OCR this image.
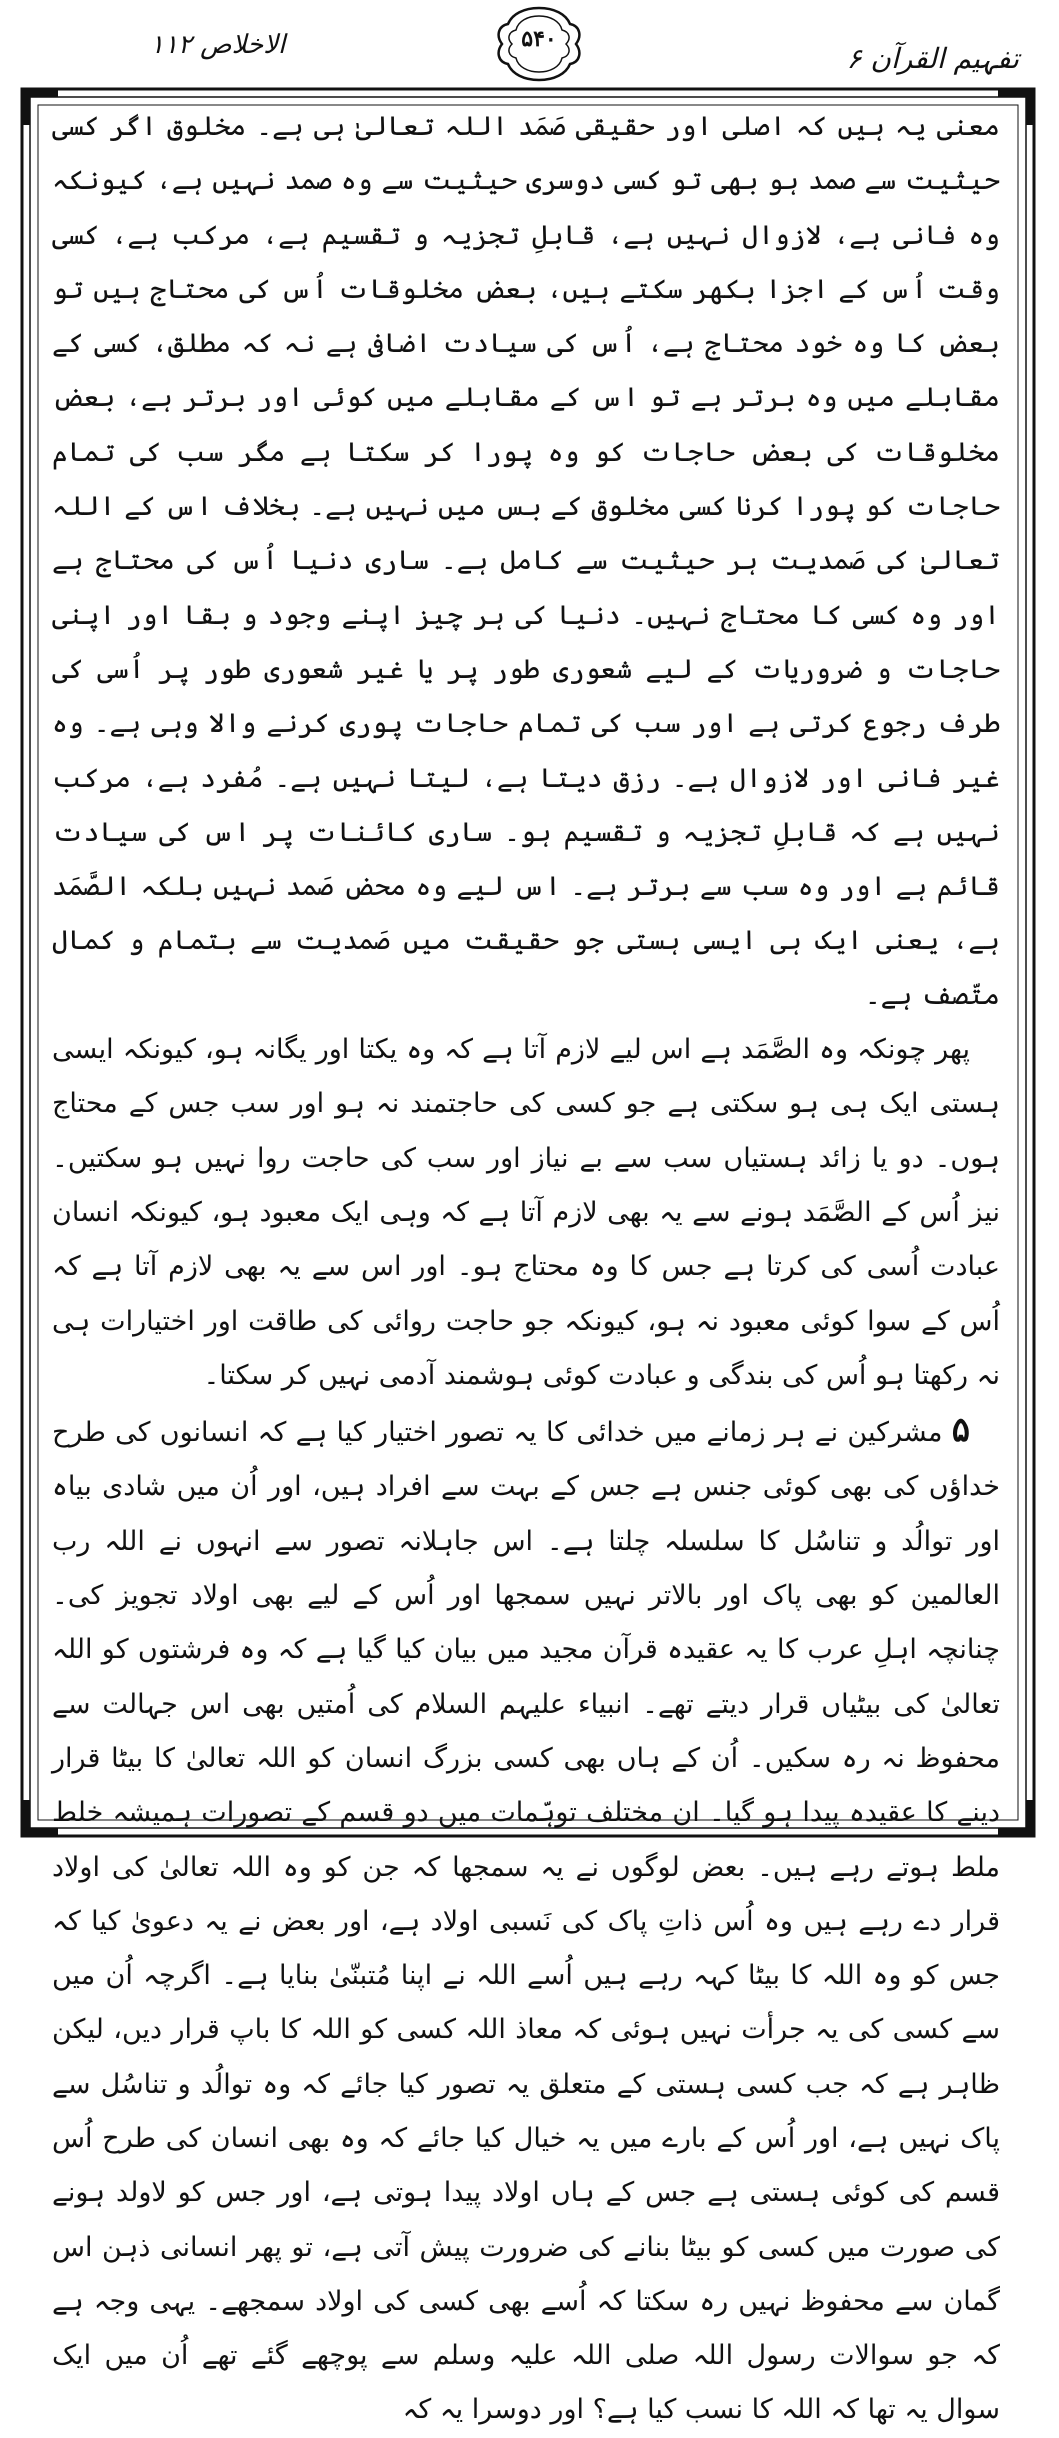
تفہیم القرآن ۶
۵۴۰
الاخلاص ۱۱۲

معنی یہ ہیں کہ اصلی اور حقیقی صَمَد اللہ تعالیٰ ہی ہے۔ مخلوق اگر کسی حیثیت سے صمد ہو بھی تو کسی دوسری حیثیت سے وہ صمد نہیں ہے، کیونکہ وہ فانی ہے، لازوال نہیں ہے، قابلِ تجزیہ و تقسیم ہے، مرکب ہے، کسی وقت اُس کے اجزا بکھر سکتے ہیں، بعض مخلوقات اُس کی محتاج ہیں تو بعض کا وہ خود محتاج ہے، اُس کی سیادت اضافی ہے نہ کہ مطلق، کسی کے مقابلے میں وہ برتر ہے تو اس کے مقابلے میں کوئی اور برتر ہے، بعض مخلوقات کی بعض حاجات کو وہ پورا کر سکتا ہے مگر سب کی تمام حاجات کو پورا کرنا کسی مخلوق کے بس میں نہیں ہے۔ بخلاف اس کے اللہ تعالیٰ کی صَمدیت ہر حیثیت سے کامل ہے۔ ساری دنیا اُس کی محتاج ہے اور وہ کسی کا محتاج نہیں۔ دنیا کی ہر چیز اپنے وجود و بقا اور اپنی حاجات و ضروریات کے لیے شعوری طور پر یا غیر شعوری طور پر اُسی کی طرف رجوع کرتی ہے اور سب کی تمام حاجات پوری کرنے والا وہی ہے۔ وہ غیر فانی اور لازوال ہے۔ رزق دیتا ہے، لیتا نہیں ہے۔ مُفرد ہے، مرکب نہیں ہے کہ قابلِ تجزیہ و تقسیم ہو۔ ساری کائنات پر اس کی سیادت قائم ہے اور وہ سب سے برتر ہے۔ اس لیے وہ محض صَمد نہیں بلکہ الصَّمَد ہے، یعنی ایک ہی ایسی ہستی جو حقیقت میں صَمدیت سے بتمام و کمال متّصف ہے۔

پھر چونکہ وہ الصَّمَد ہے اس لیے لازم آتا ہے کہ وہ یکتا اور یگانہ ہو، کیونکہ ایسی ہستی ایک ہی ہو سکتی ہے جو کسی کی حاجتمند نہ ہو اور سب جس کے محتاج ہوں۔ دو یا زائد ہستیاں سب سے بے نیاز اور سب کی حاجت روا نہیں ہو سکتیں۔ نیز اُس کے الصَّمَد ہونے سے یہ بھی لازم آتا ہے کہ وہی ایک معبود ہو، کیونکہ انسان عبادت اُسی کی کرتا ہے جس کا وہ محتاج ہو۔ اور اس سے یہ بھی لازم آتا ہے کہ اُس کے سوا کوئی معبود نہ ہو، کیونکہ جو حاجت روائی کی طاقت اور اختیارات ہی نہ رکھتا ہو اُس کی بندگی و عبادت کوئی ہوشمند آدمی نہیں کر سکتا۔

۵ مشرکین نے ہر زمانے میں خدائی کا یہ تصور اختیار کیا ہے کہ انسانوں کی طرح خداؤں کی بھی کوئی جنس ہے جس کے بہت سے افراد ہیں، اور اُن میں شادی بیاہ اور توالُد و تناسُل کا سلسلہ چلتا ہے۔ اس جاہلانہ تصور سے انہوں نے اللہ رب العالمین کو بھی پاک اور بالاتر نہیں سمجھا اور اُس کے لیے بھی اولاد تجویز کی۔ چنانچہ اہلِ عرب کا یہ عقیدہ قرآن مجید میں بیان کیا گیا ہے کہ وہ فرشتوں کو اللہ تعالیٰ کی بیٹیاں قرار دیتے تھے۔ انبیاء علیہم السلام کی اُمتیں بھی اس جہالت سے محفوظ نہ رہ سکیں۔ اُن کے ہاں بھی کسی بزرگ انسان کو اللہ تعالیٰ کا بیٹا قرار دینے کا عقیدہ پیدا ہو گیا۔ ان مختلف توہّمات میں دو قسم کے تصورات ہمیشہ خلط ملط ہوتے رہے ہیں۔ بعض لوگوں نے یہ سمجھا کہ جن کو وہ اللہ تعالیٰ کی اولاد قرار دے رہے ہیں وہ اُس ذاتِ پاک کی نَسبی اولاد ہے، اور بعض نے یہ دعویٰ کیا کہ جس کو وہ اللہ کا بیٹا کہہ رہے ہیں اُسے اللہ نے اپنا مُتبنّیٰ بنایا ہے۔ اگرچہ اُن میں سے کسی کی یہ جرأت نہیں ہوئی کہ معاذ اللہ کسی کو اللہ کا باپ قرار دیں، لیکن ظاہر ہے کہ جب کسی ہستی کے متعلق یہ تصور کیا جائے کہ وہ توالُد و تناسُل سے پاک نہیں ہے، اور اُس کے بارے میں یہ خیال کیا جائے کہ وہ بھی انسان کی طرح اُس قسم کی کوئی ہستی ہے جس کے ہاں اولاد پیدا ہوتی ہے، اور جس کو لاولد ہونے کی صورت میں کسی کو بیٹا بنانے کی ضرورت پیش آتی ہے، تو پھر انسانی ذہن اس گمان سے محفوظ نہیں رہ سکتا کہ اُسے بھی کسی کی اولاد سمجھے۔ یہی وجہ ہے کہ جو سوالات رسول اللہ صلی اللہ علیہ وسلم سے پوچھے گئے تھے اُن میں ایک سوال یہ تھا کہ اللہ کا نسب کیا ہے؟ اور دوسرا یہ کہ
